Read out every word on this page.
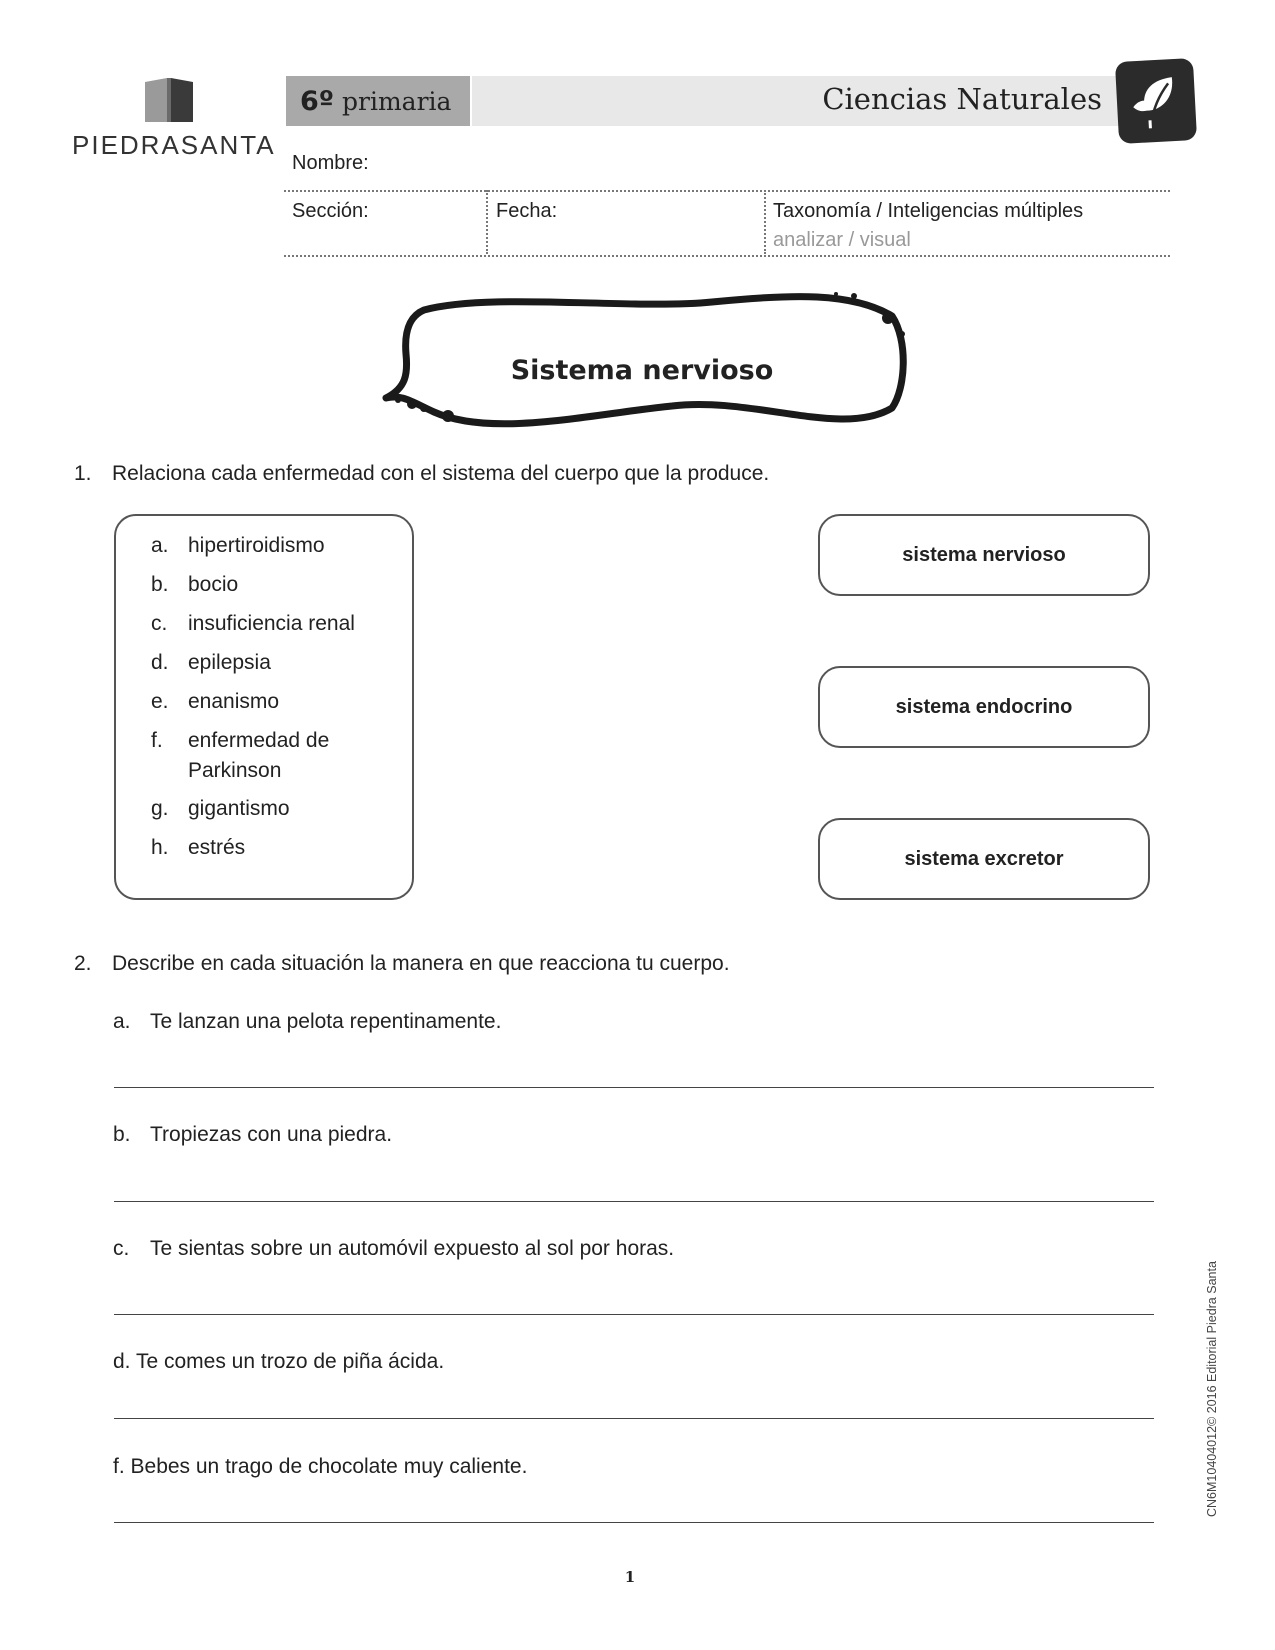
PIEDRASANTA
6º primaria	Ciencias Naturales
Nombre:
Sección:	Fecha:	Taxonomía / Inteligencias múltiples
analizar / visual
Sistema nervioso
1. Relaciona cada enfermedad con el sistema del cuerpo que la produce.
a. hipertiroidismo
b. bocio
c. insuficiencia renal
d. epilepsia
e. enanismo
f.	enfermedad de
Parkinson
g. gigantismo
h. estrés
sistema nervioso
sistema endocrino
sistema excretor
2. Describe en cada situación la manera en que reacciona tu cuerpo.
a. Te lanzan una pelota repentinamente.
b. Tropiezas con una piedra.
c. Te sientas sobre un automóvil expuesto al sol por horas.
d. Te comes un trozo de piña ácida.
f. Bebes un trago de chocolate muy caliente.
1
CN6M10404012© 2016 Editorial Piedra Santa
